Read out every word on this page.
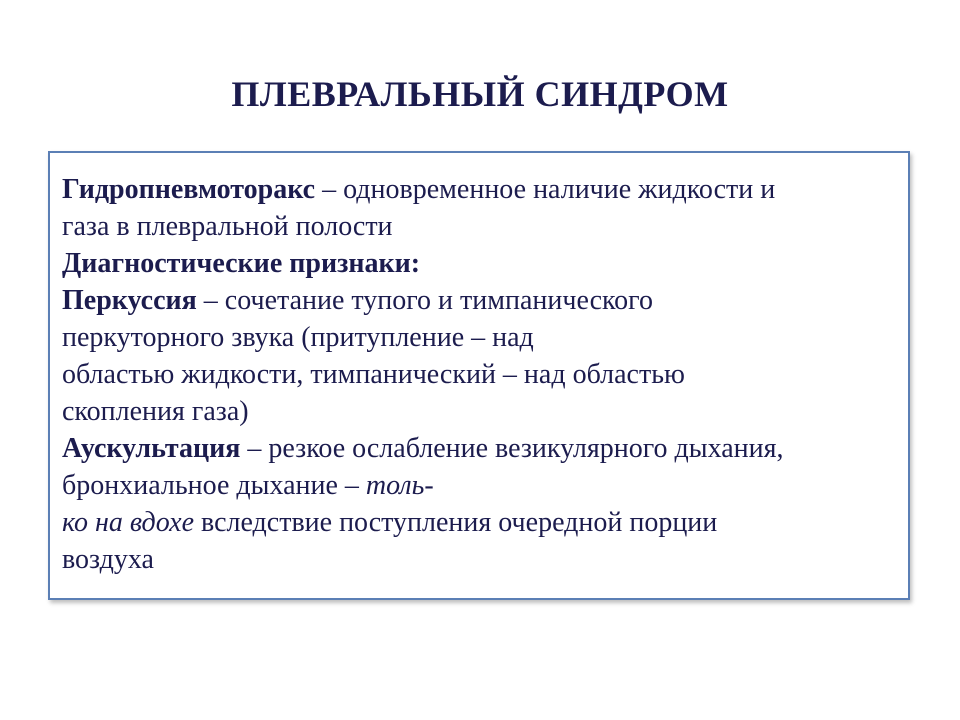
ПЛЕВРАЛЬНЫЙ СИНДРОМ
Гидропневмоторакс – одновременное наличие жидкости и
газа в плевральной полости
Диагностические признаки:
Перкуссия – сочетание тупого и тимпанического
перкуторного звука (притупление – над
областью жидкости, тимпанический – над областью
скопления газа)
Аускультация – резкое ослабление везикулярного дыхания,
бронхиальное дыхание – толь-
ко на вдохе вследствие поступления очередной порции
воздуха
